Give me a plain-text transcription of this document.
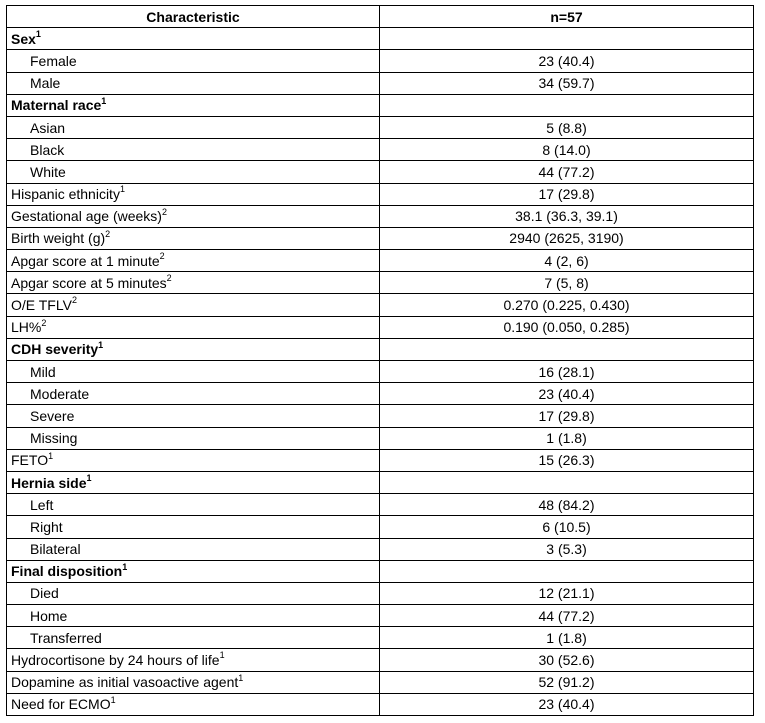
Characteristic	n=57
Sex$^1$	
Female	23 (40.4)
Male	34 (59.7)
Maternal race$^1$	
Asian	5 (8.8)
Black	8 (14.0)
White	44 (77.2)
Hispanic ethnicity$^1$	17 (29.8)
Gestational age (weeks)$^2$	38.1 (36.3, 39.1)
Birth weight $(g)^2$	2940 (2625, 3190)
Apgar score at 1 minute$^2$	4 (2, 6)
Apgar score at 5 minutes$^2$	7 (5, 8)
O/E TFLV$^2$	0.270 (0.225, 0.430)
LH%$^2$	0.190 (0.050, 0.285)
CDH severity$^1$	
Mild	16 (28.1)
Moderate	23 (40.4)
Severe	17 (29.8)
Missing	1 (1.8)
FETO$^1$	15 (26.3)
Hernia side$^1$	
Left	48 (84.2)
Right	6 (10.5)
Bilateral	3 (5.3)
Final disposition$^1$	
Died	12 (21.1)
Home	44 (77.2)
Transferred	1 (1.8)
Hydrocortisone by 24 hours of life$^1$	30 (52.6)
Dopamine as initial vasoactive agent$^1$	52 (91.2)
Need for ECMO$^1$	23 (40.4)
